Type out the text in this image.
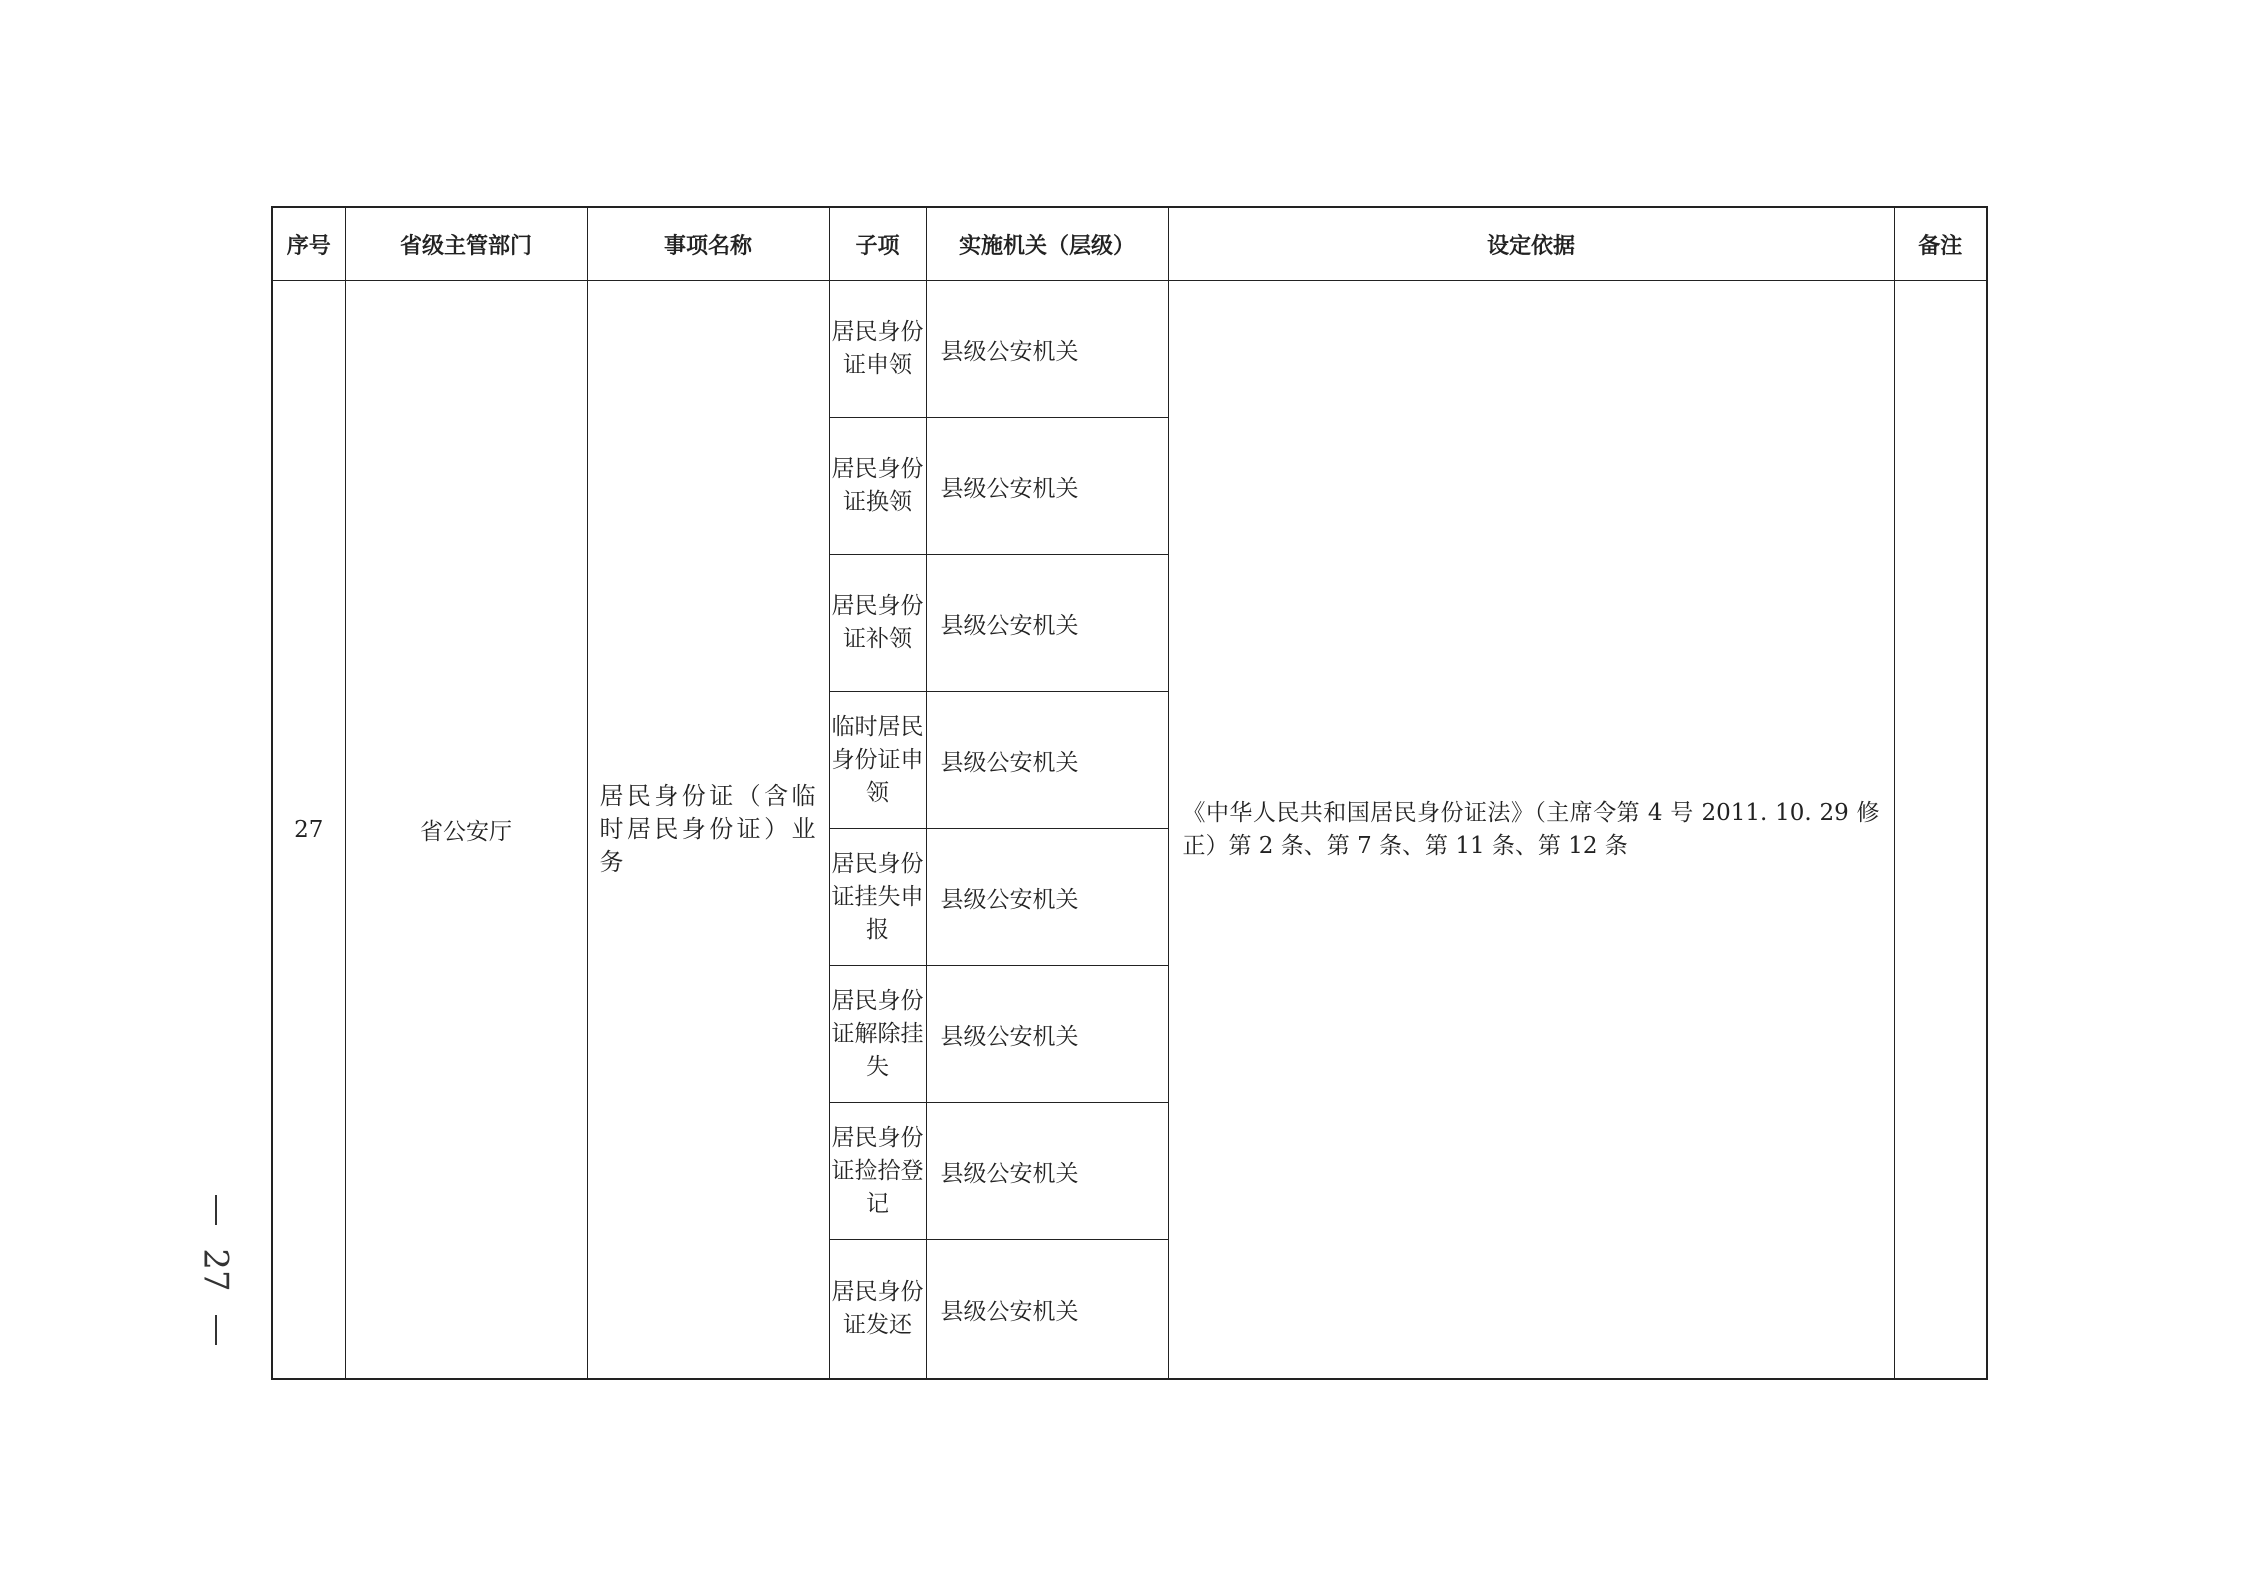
序号	省级主管部门	事项名称	子项	实施机关（层级）	设定依据	备注
27	省公安厅	居民身份证（含临时居民身份证）业务	居民身份证申领	县级公安机关	《中华人民共和国居民身份证法》（主席令第 4 号 2011. 10. 29 修正）第 2 条、第 7 条、第 11 条、第 12 条	

			居民身份证换领	县级公安机关		

			居民身份证补领	县级公安机关		

			临时居民身份证申领	县级公安机关		

			居民身份证挂失申报	县级公安机关		

			居民身份证解除挂失	县级公安机关		

			居民身份证捡拾登记	县级公安机关		

			居民身份证发还	县级公安机关		
27
